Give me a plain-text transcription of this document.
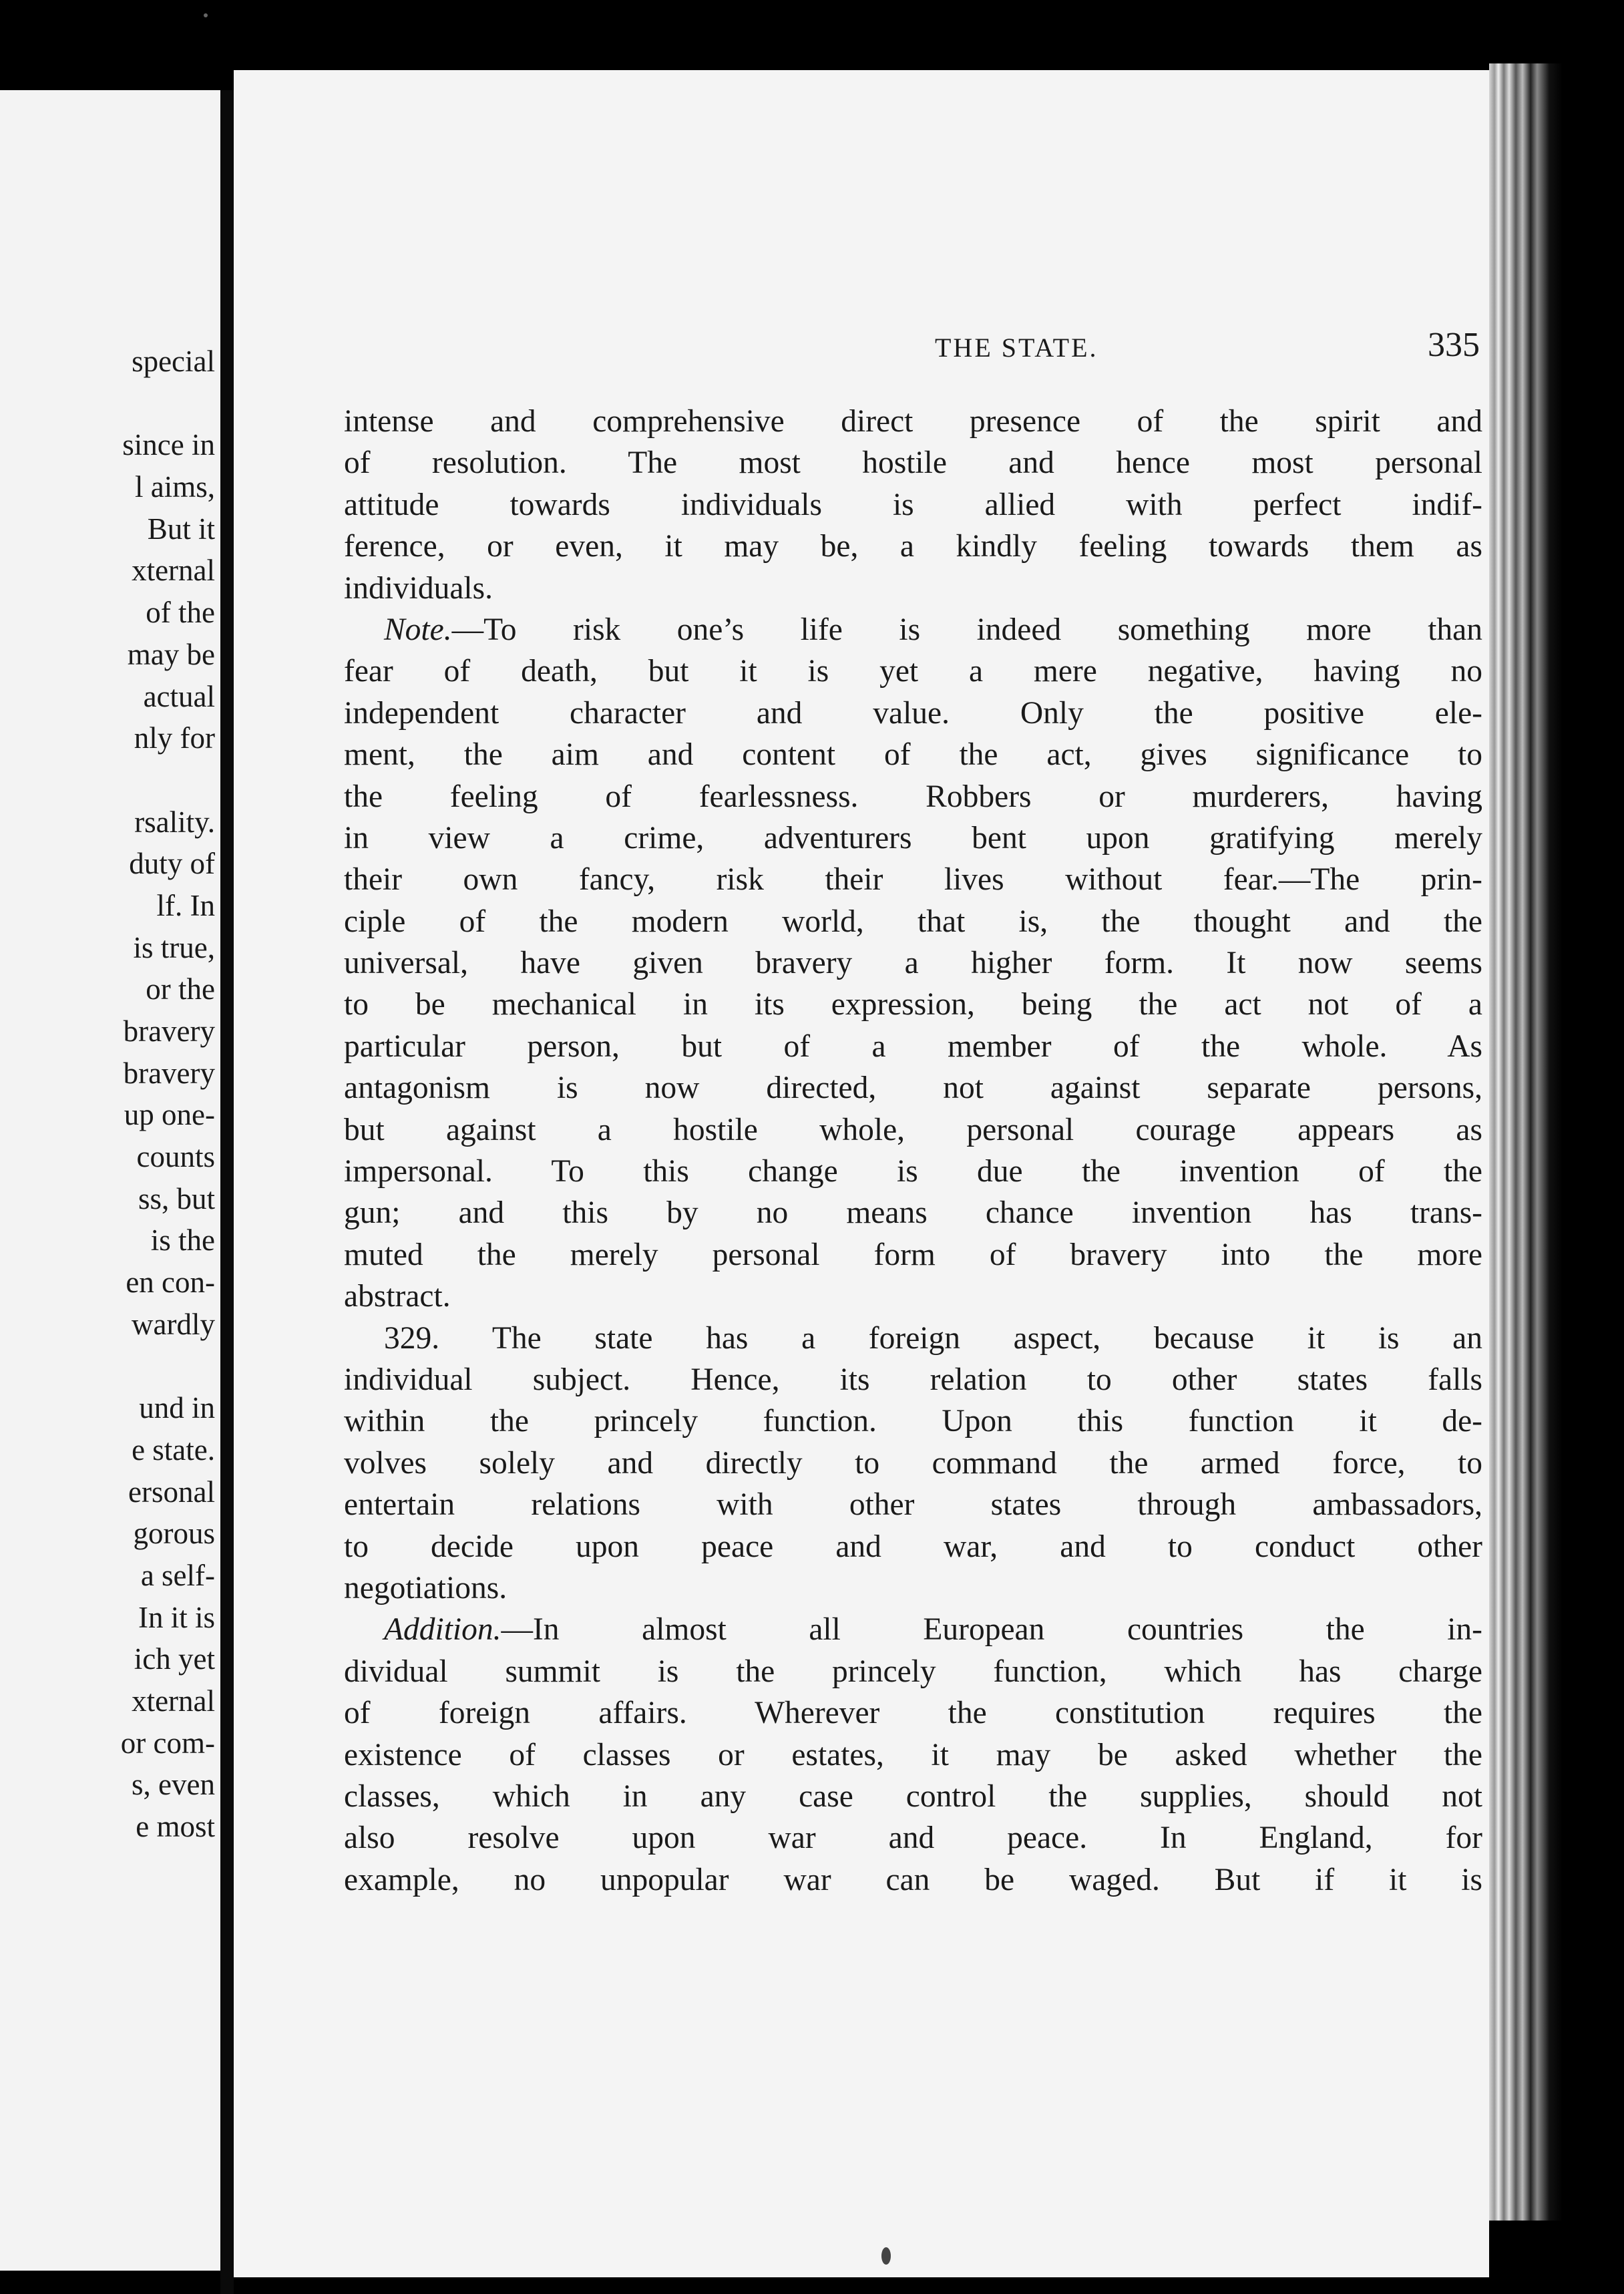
special
since in
l aims,
But it
xternal
of the
may be
actual
nly for
rsality.
duty of
lf. In
is true,
or the
bravery
bravery
up one-
counts
ss, but
is the
en con-
wardly
und in
e state.
ersonal
gorous
a self-
In it is
ich yet
xternal
or com-
s, even
e most
THE STATE.	335
intense and comprehensive direct presence of the spirit and
of resolution. The most hostile and hence most personal
attitude towards individuals is allied with perfect indif-
ference, or even, it may be, a kindly feeling towards them as
individuals.
Note.—To risk one’s life is indeed something more than
fear of death, but it is yet a mere negative, having no
independent character and value. Only the positive ele-
ment, the aim and content of the act, gives significance to
the feeling of fearlessness. Robbers or murderers, having
in view a crime, adventurers bent upon gratifying merely
their own fancy, risk their lives without fear.—The prin-
ciple of the modern world, that is, the thought and the
universal, have given bravery a higher form. It now seems
to be mechanical in its expression, being the act not of a
particular person, but of a member of the whole. As
antagonism is now directed, not against separate persons,
but against a hostile whole, personal courage appears as
impersonal. To this change is due the invention of the
gun; and this by no means chance invention has trans-
muted the merely personal form of bravery into the more
abstract.
329. The state has a foreign aspect, because it is an
individual subject. Hence, its relation to other states falls
within the princely function. Upon this function it de-
volves solely and directly to command the armed force, to
entertain relations with other states through ambassadors,
to decide upon peace and war, and to conduct other
negotiations.
Addition.—In almost all European countries the in-
dividual summit is the princely function, which has charge
of foreign affairs. Wherever the constitution requires the
existence of classes or estates, it may be asked whether the
classes, which in any case control the supplies, should not
also resolve upon war and peace. In England, for
example, no unpopular war can be waged. But if it is
